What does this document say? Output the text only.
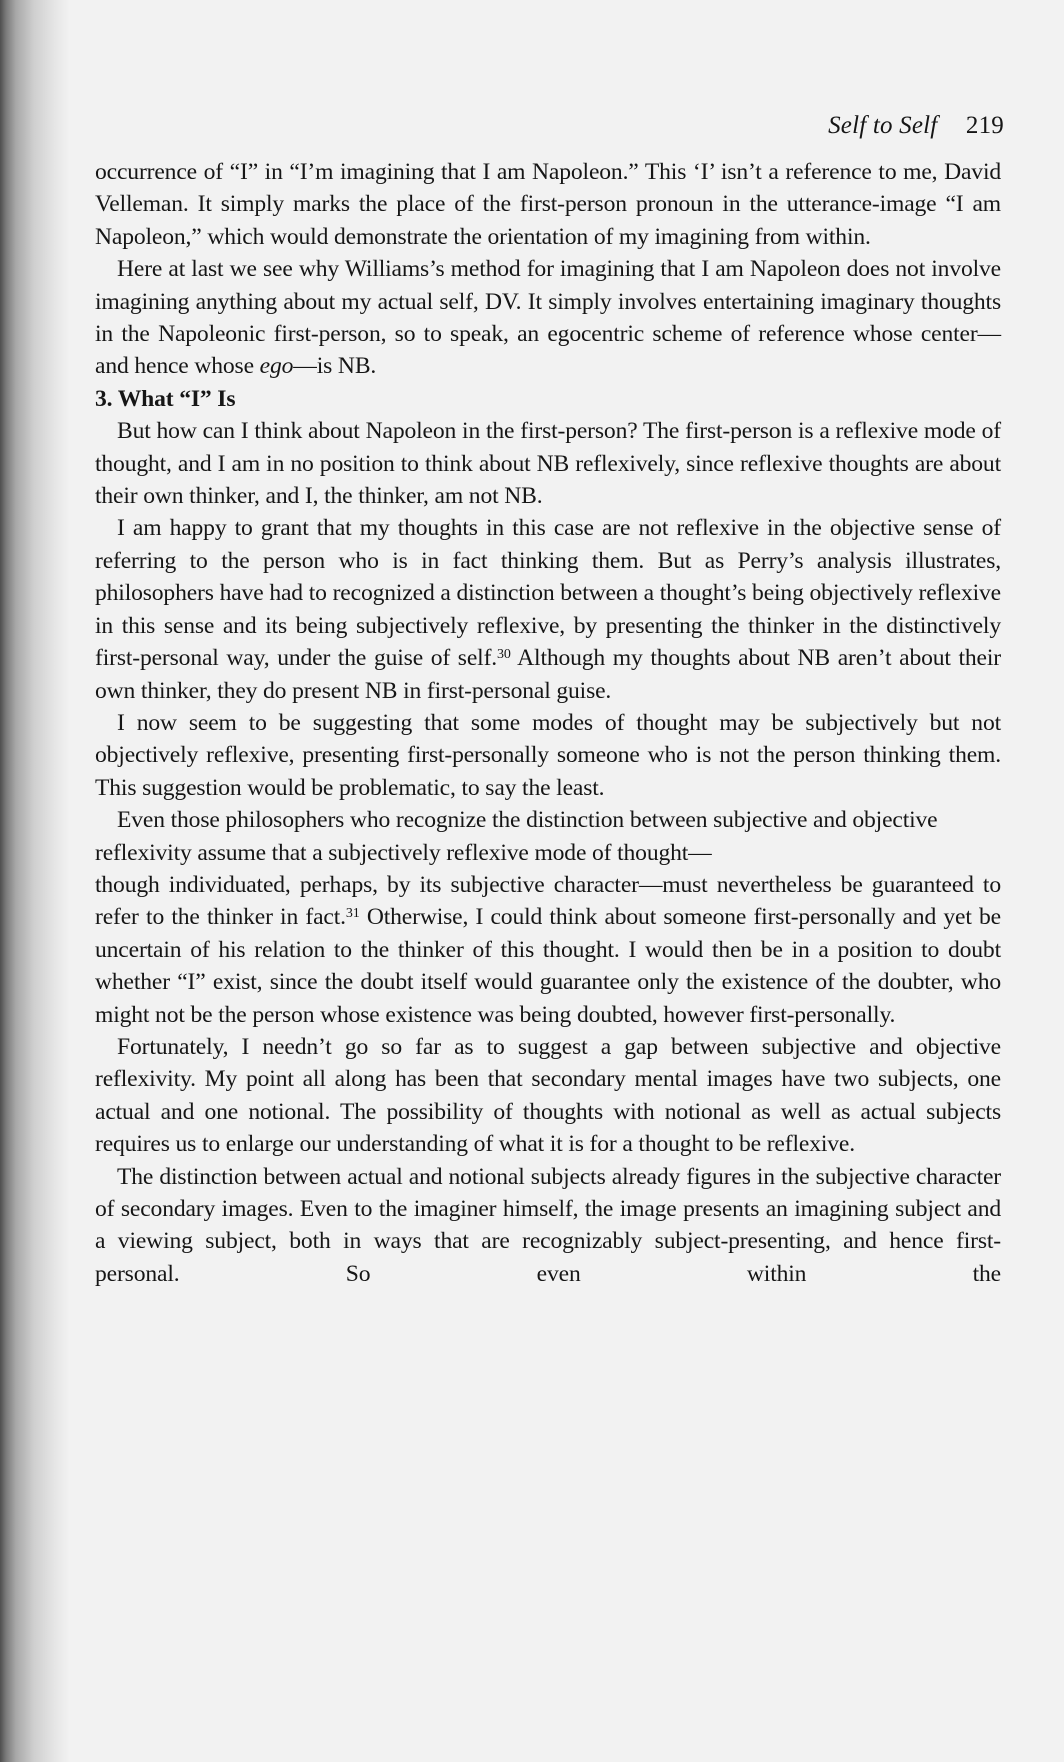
Self to Self 219

occurrence of “I” in “I’m imagining that I am Napoleon.” This ‘I’ isn’t a reference to me, David Velleman. It simply marks the place of the first-person pronoun in the utterance-image “I am Napoleon,” which would demonstrate the orientation of my imagining from within.

Here at last we see why Williams’s method for imagining that I am Napoleon does not involve imagining anything about my actual self, DV. It simply involves entertaining imaginary thoughts in the Napoleonic first-person, so to speak, an egocentric scheme of reference whose center—and hence whose ego—is NB.

3. What “I” Is

But how can I think about Napoleon in the first-person? The first-person is a reflexive mode of thought, and I am in no position to think about NB reflexively, since reflexive thoughts are about their own thinker, and I, the thinker, am not NB.

I am happy to grant that my thoughts in this case are not reflexive in the objective sense of referring to the person who is in fact thinking them. But as Perry’s analysis illustrates, philosophers have had to recognized a distinction between a thought’s being objectively reflexive in this sense and its being subjectively reflexive, by presenting the thinker in the distinctively first-personal way, under the guise of self.$^{30}$ Although my thoughts about NB aren’t about their own thinker, they do present NB in first-personal guise.

I now seem to be suggesting that some modes of thought may be subjectively but not objectively reflexive, presenting first-personally someone who is not the person thinking them. This suggestion would be problematic, to say the least.

Even those philosophers who recognize the distinction between subjective and objective reflexivity assume that a subjectively reflexive mode of thought—
though individuated, perhaps, by its subjective character—must nevertheless be guaranteed to refer to the thinker in fact.$^{31}$ Otherwise, I could think about someone first-personally and yet be uncertain of his relation to the thinker of this thought. I would then be in a position to doubt whether “I” exist, since the doubt itself would guarantee only the existence of the doubter, who might not be the person whose existence was being doubted, however first-personally.

Fortunately, I needn’t go so far as to suggest a gap between subjective and objective reflexivity. My point all along has been that secondary mental images have two subjects, one actual and one notional. The possibility of thoughts with notional as well as actual subjects requires us to enlarge our understanding of what it is for a thought to be reflexive.

The distinction between actual and notional subjects already figures in the subjective character of secondary images. Even to the imaginer himself, the image presents an imagining subject and a viewing subject, both in ways that are recognizably subject-presenting, and hence first-personal. So even within the
